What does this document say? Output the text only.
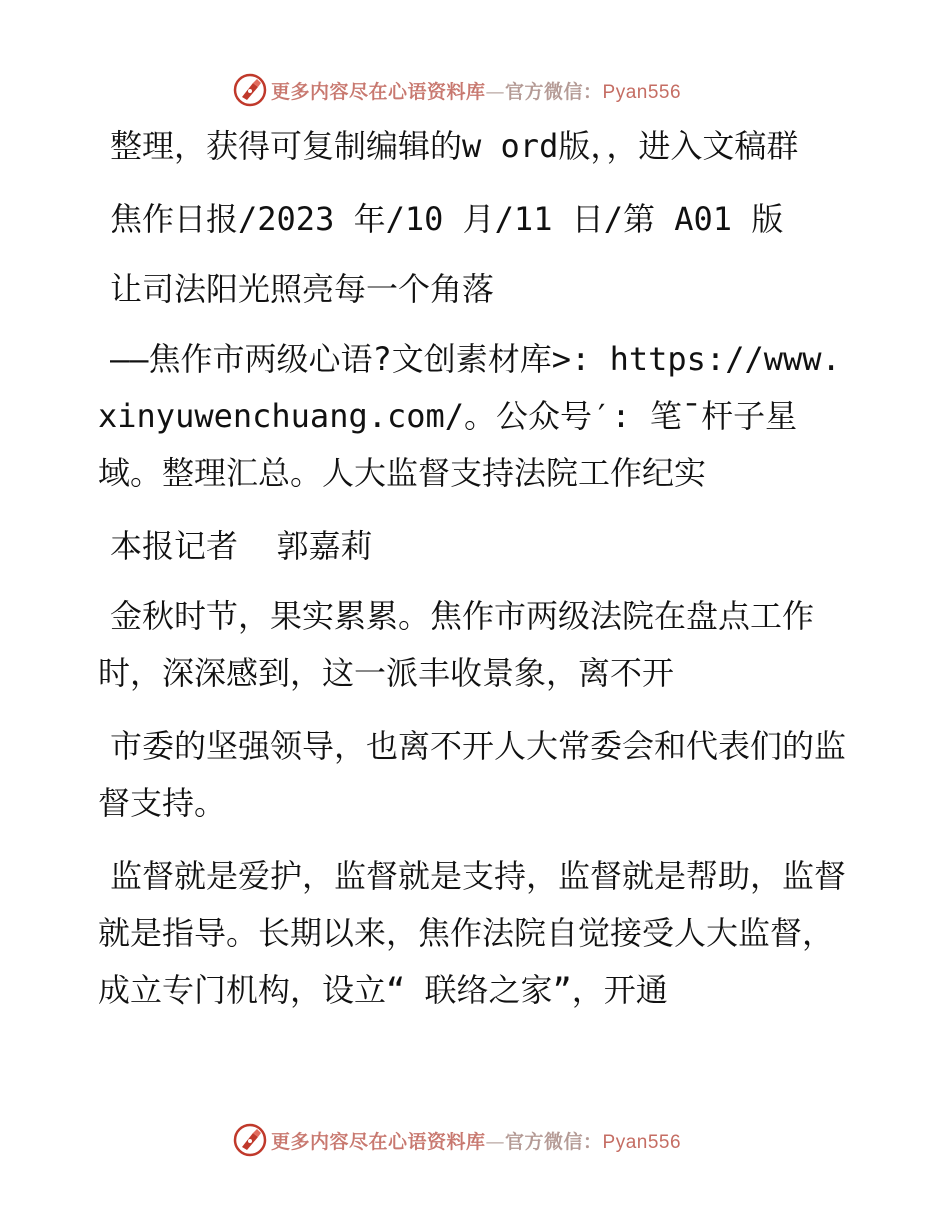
更多内容尽在心语资料库—官方微信：Pyan556

整理，获得可复制编辑的w ord版，，进入文稿群

焦作日报/2023 年/10 月/11 日/第 A01 版

让司法阳光照亮每一个角落

——焦作市两级心语?文创素材库>: https://www.xinyuwenchuang.com/。公众号′: 笔¯杆子星域。整理汇总。人大监督支持法院工作纪实

本报记者  郭嘉莉

金秋时节，果实累累。焦作市两级法院在盘点工作时，深深感到，这一派丰收景象，离不开

市委的坚强领导，也离不开人大常委会和代表们的监督支持。

监督就是爱护，监督就是支持，监督就是帮助，监督就是指导。长期以来，焦作法院自觉接受人大监督，成立专门机构，设立“ 联络之家”，开通

更多内容尽在心语资料库—官方微信：Pyan556
